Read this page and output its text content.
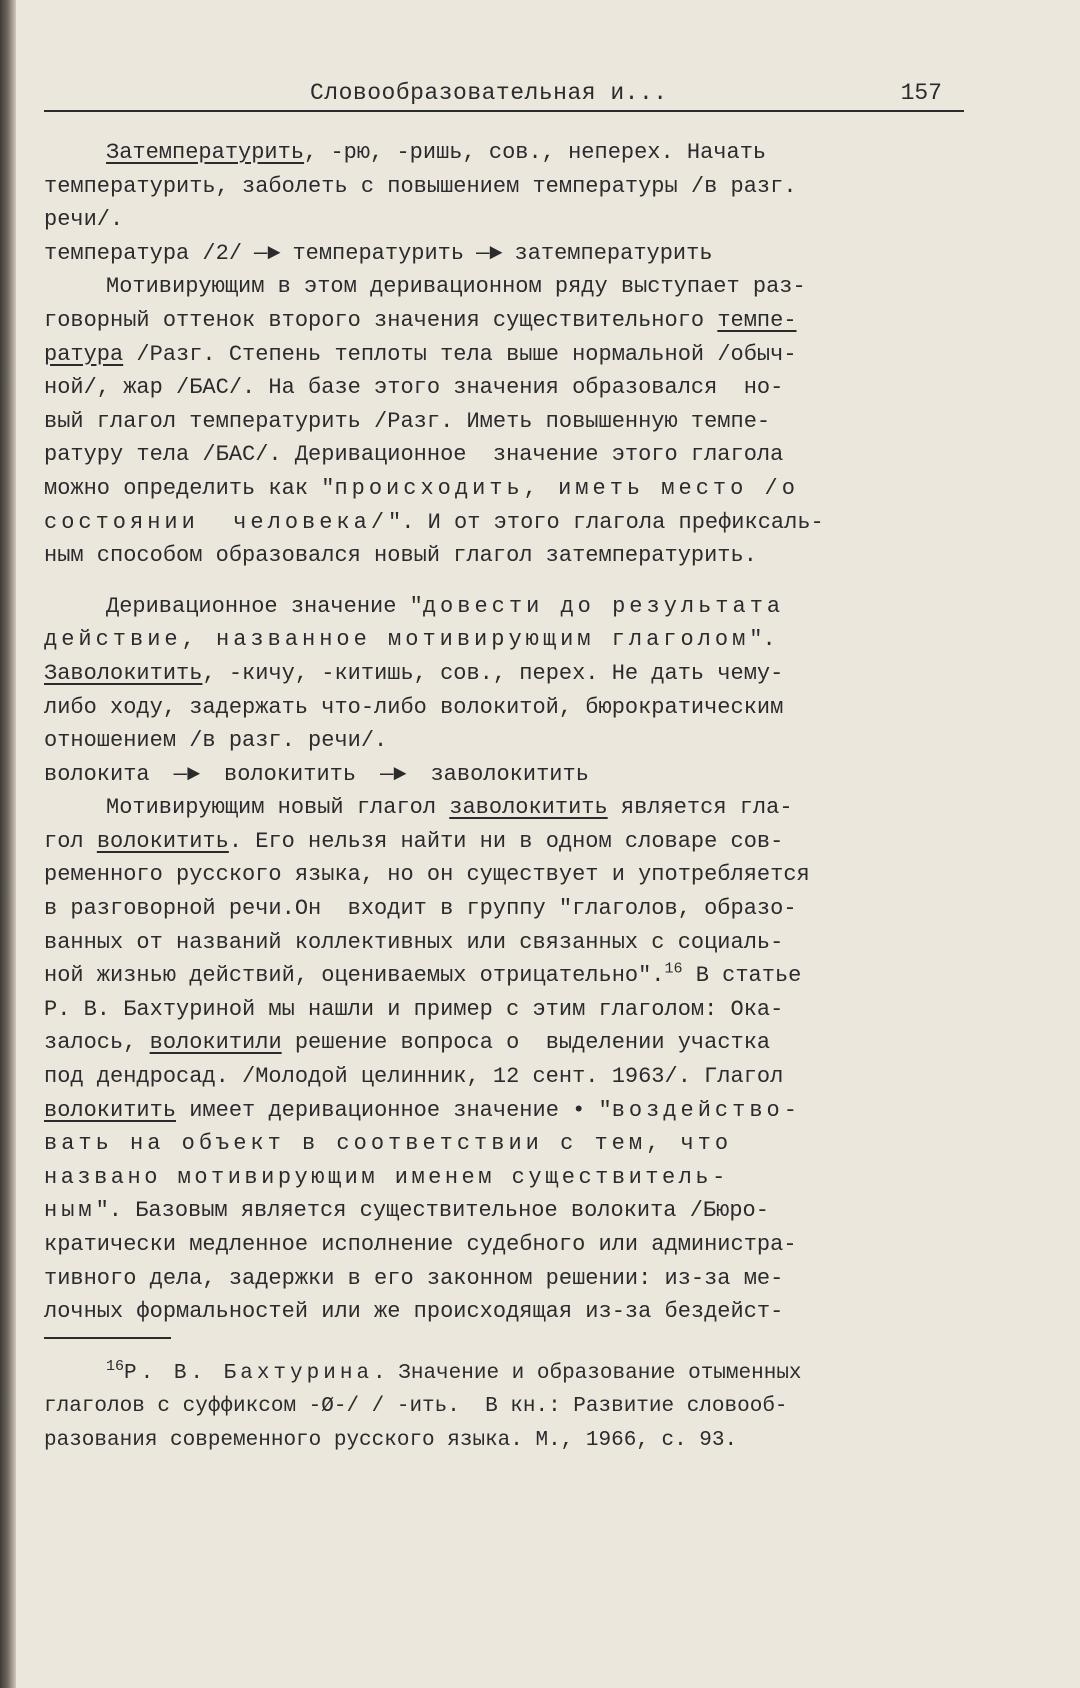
Словообразовательная и...	157
Затемпературить, -рю, -ришь, сов., неперех. Начать
температурить, заболеть с повышением температуры /в разг.
речи/.
температура /2/ —► температурить —► затемпературить
Мотивирующим в этом деривационном ряду выступает раз-
говорный оттенок второго значения существительного темпе-
ратура /Разг. Степень теплоты тела выше нормальной /обыч-
ной/, жар /БАС/. На базе этого значения образовался  но-
вый глагол температурить /Разг. Иметь повышенную темпе-
ратуру тела /БАС/. Деривационное  значение этого глагола
можно определить как "происходить, иметь место /о
состоянии  человека/". И от этого глагола префиксаль-
ным способом образовался новый глагол затемпературить.
Деривационное значение "довести до результата
действие, названное мотивирующим глаголом".
Заволокитить, -кичу, -китишь, сов., перех. Не дать чему-
либо ходу, задержать что-либо волокитой, бюрократическим
отношением /в разг. речи/.
волокита —► волокитить —► заволокитить
Мотивирующим новый глагол заволокитить является гла-
гол волокитить. Его нельзя найти ни в одном словаре сов-
ременного русского языка, но он существует и употребляется
в разговорной речи.Он  входит в группу "глаголов, образо-
ванных от названий коллективных или связанных с социаль-
ной жизнью действий, оцениваемых отрицательно".$^{16}$ В статье
Р. В. Бахтуриной мы нашли и пример с этим глаголом: Ока-
залось, волокитили решение вопроса о  выделении участка
под дендросад. /Молодой целинник, 12 сент. 1963/. Глагол
волокитить имеет деривационное значение • "воздейство-
вать на объект в соответствии с тем, что
названо мотивирующим именем существитель-
ным". Базовым является существительное волокита /Бюро-
кратически медленное исполнение судебного или администра-
тивного дела, задержки в его законном решении: из-за ме-
лочных формальностей или же происходящая из-за бездейст-
$^{16}$Р. В. Бахтурина. Значение и образование отыменных
глаголов с суффиксом -Ø-/ / -ить.  В кн.: Развитие словооб-
разования современного русского языка. М., 1966, с. 93.
